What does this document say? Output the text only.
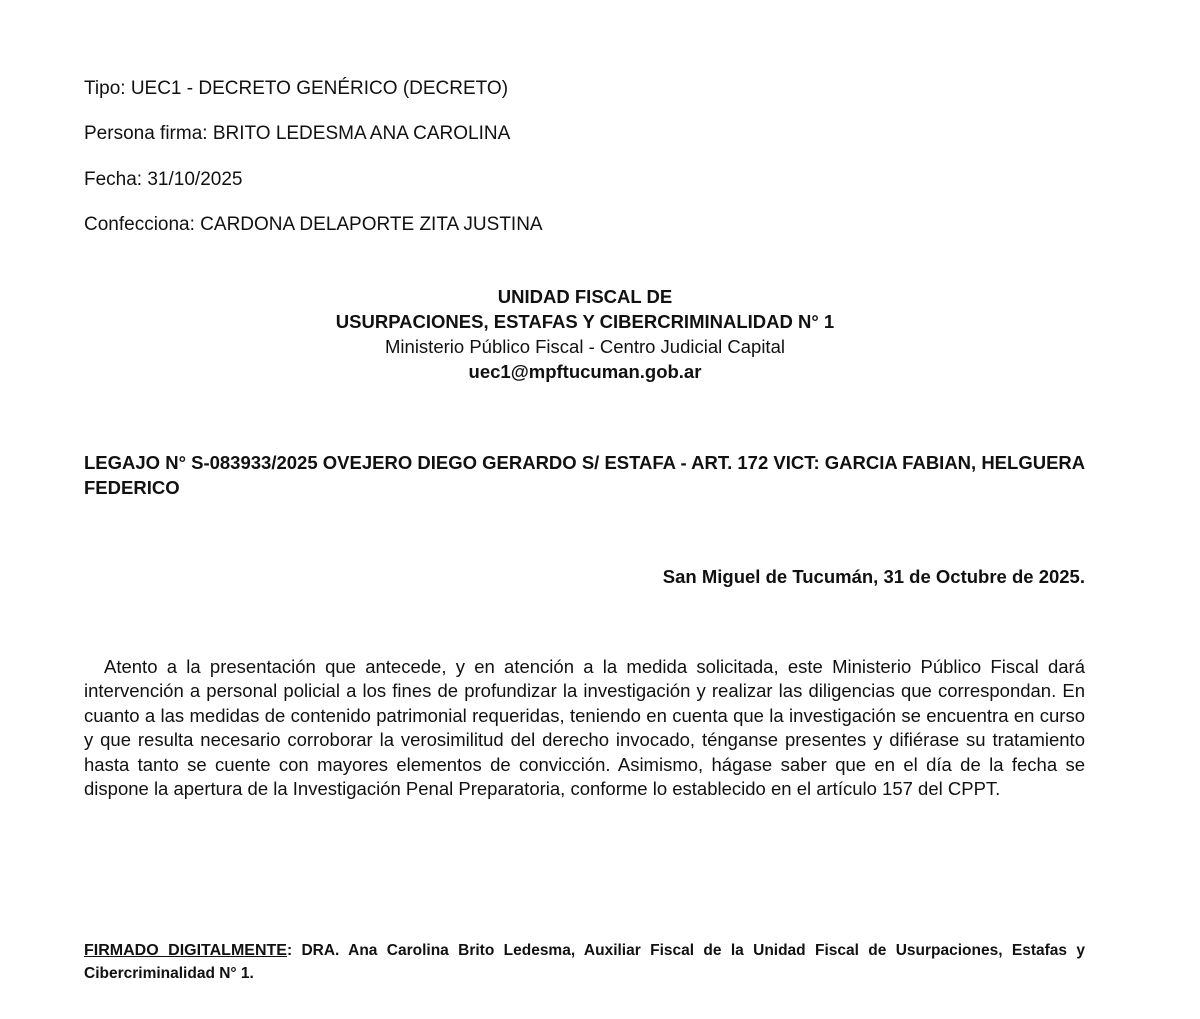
Tipo: UEC1 - DECRETO GENÉRICO (DECRETO)
Persona firma: BRITO LEDESMA ANA CAROLINA
Fecha: 31/10/2025
Confecciona: CARDONA DELAPORTE ZITA JUSTINA
UNIDAD FISCAL DE
USURPACIONES, ESTAFAS Y CIBERCRIMINALIDAD N° 1
Ministerio Público Fiscal - Centro Judicial Capital
uec1@mpftucuman.gob.ar
LEGAJO N° S-083933/2025 OVEJERO DIEGO GERARDO S/ ESTAFA - ART. 172 VICT: GARCIA FABIAN, HELGUERA FEDERICO
San Miguel de Tucumán, 31 de Octubre de 2025.
Atento a la presentación que antecede, y en atención a la medida solicitada, este Ministerio Público Fiscal dará intervención a personal policial a los fines de profundizar la investigación y realizar las diligencias que correspondan. En cuanto a las medidas de contenido patrimonial requeridas, teniendo en cuenta que la investigación se encuentra en curso y que resulta necesario corroborar la verosimilitud del derecho invocado, ténganse presentes y difiérase su tratamiento hasta tanto se cuente con mayores elementos de convicción. Asimismo, hágase saber que en el día de la fecha se dispone la apertura de la Investigación Penal Preparatoria, conforme lo establecido en el artículo 157 del CPPT.
FIRMADO DIGITALMENTE: DRA. Ana Carolina Brito Ledesma, Auxiliar Fiscal de la Unidad Fiscal de Usurpaciones, Estafas y Cibercriminalidad N° 1.
